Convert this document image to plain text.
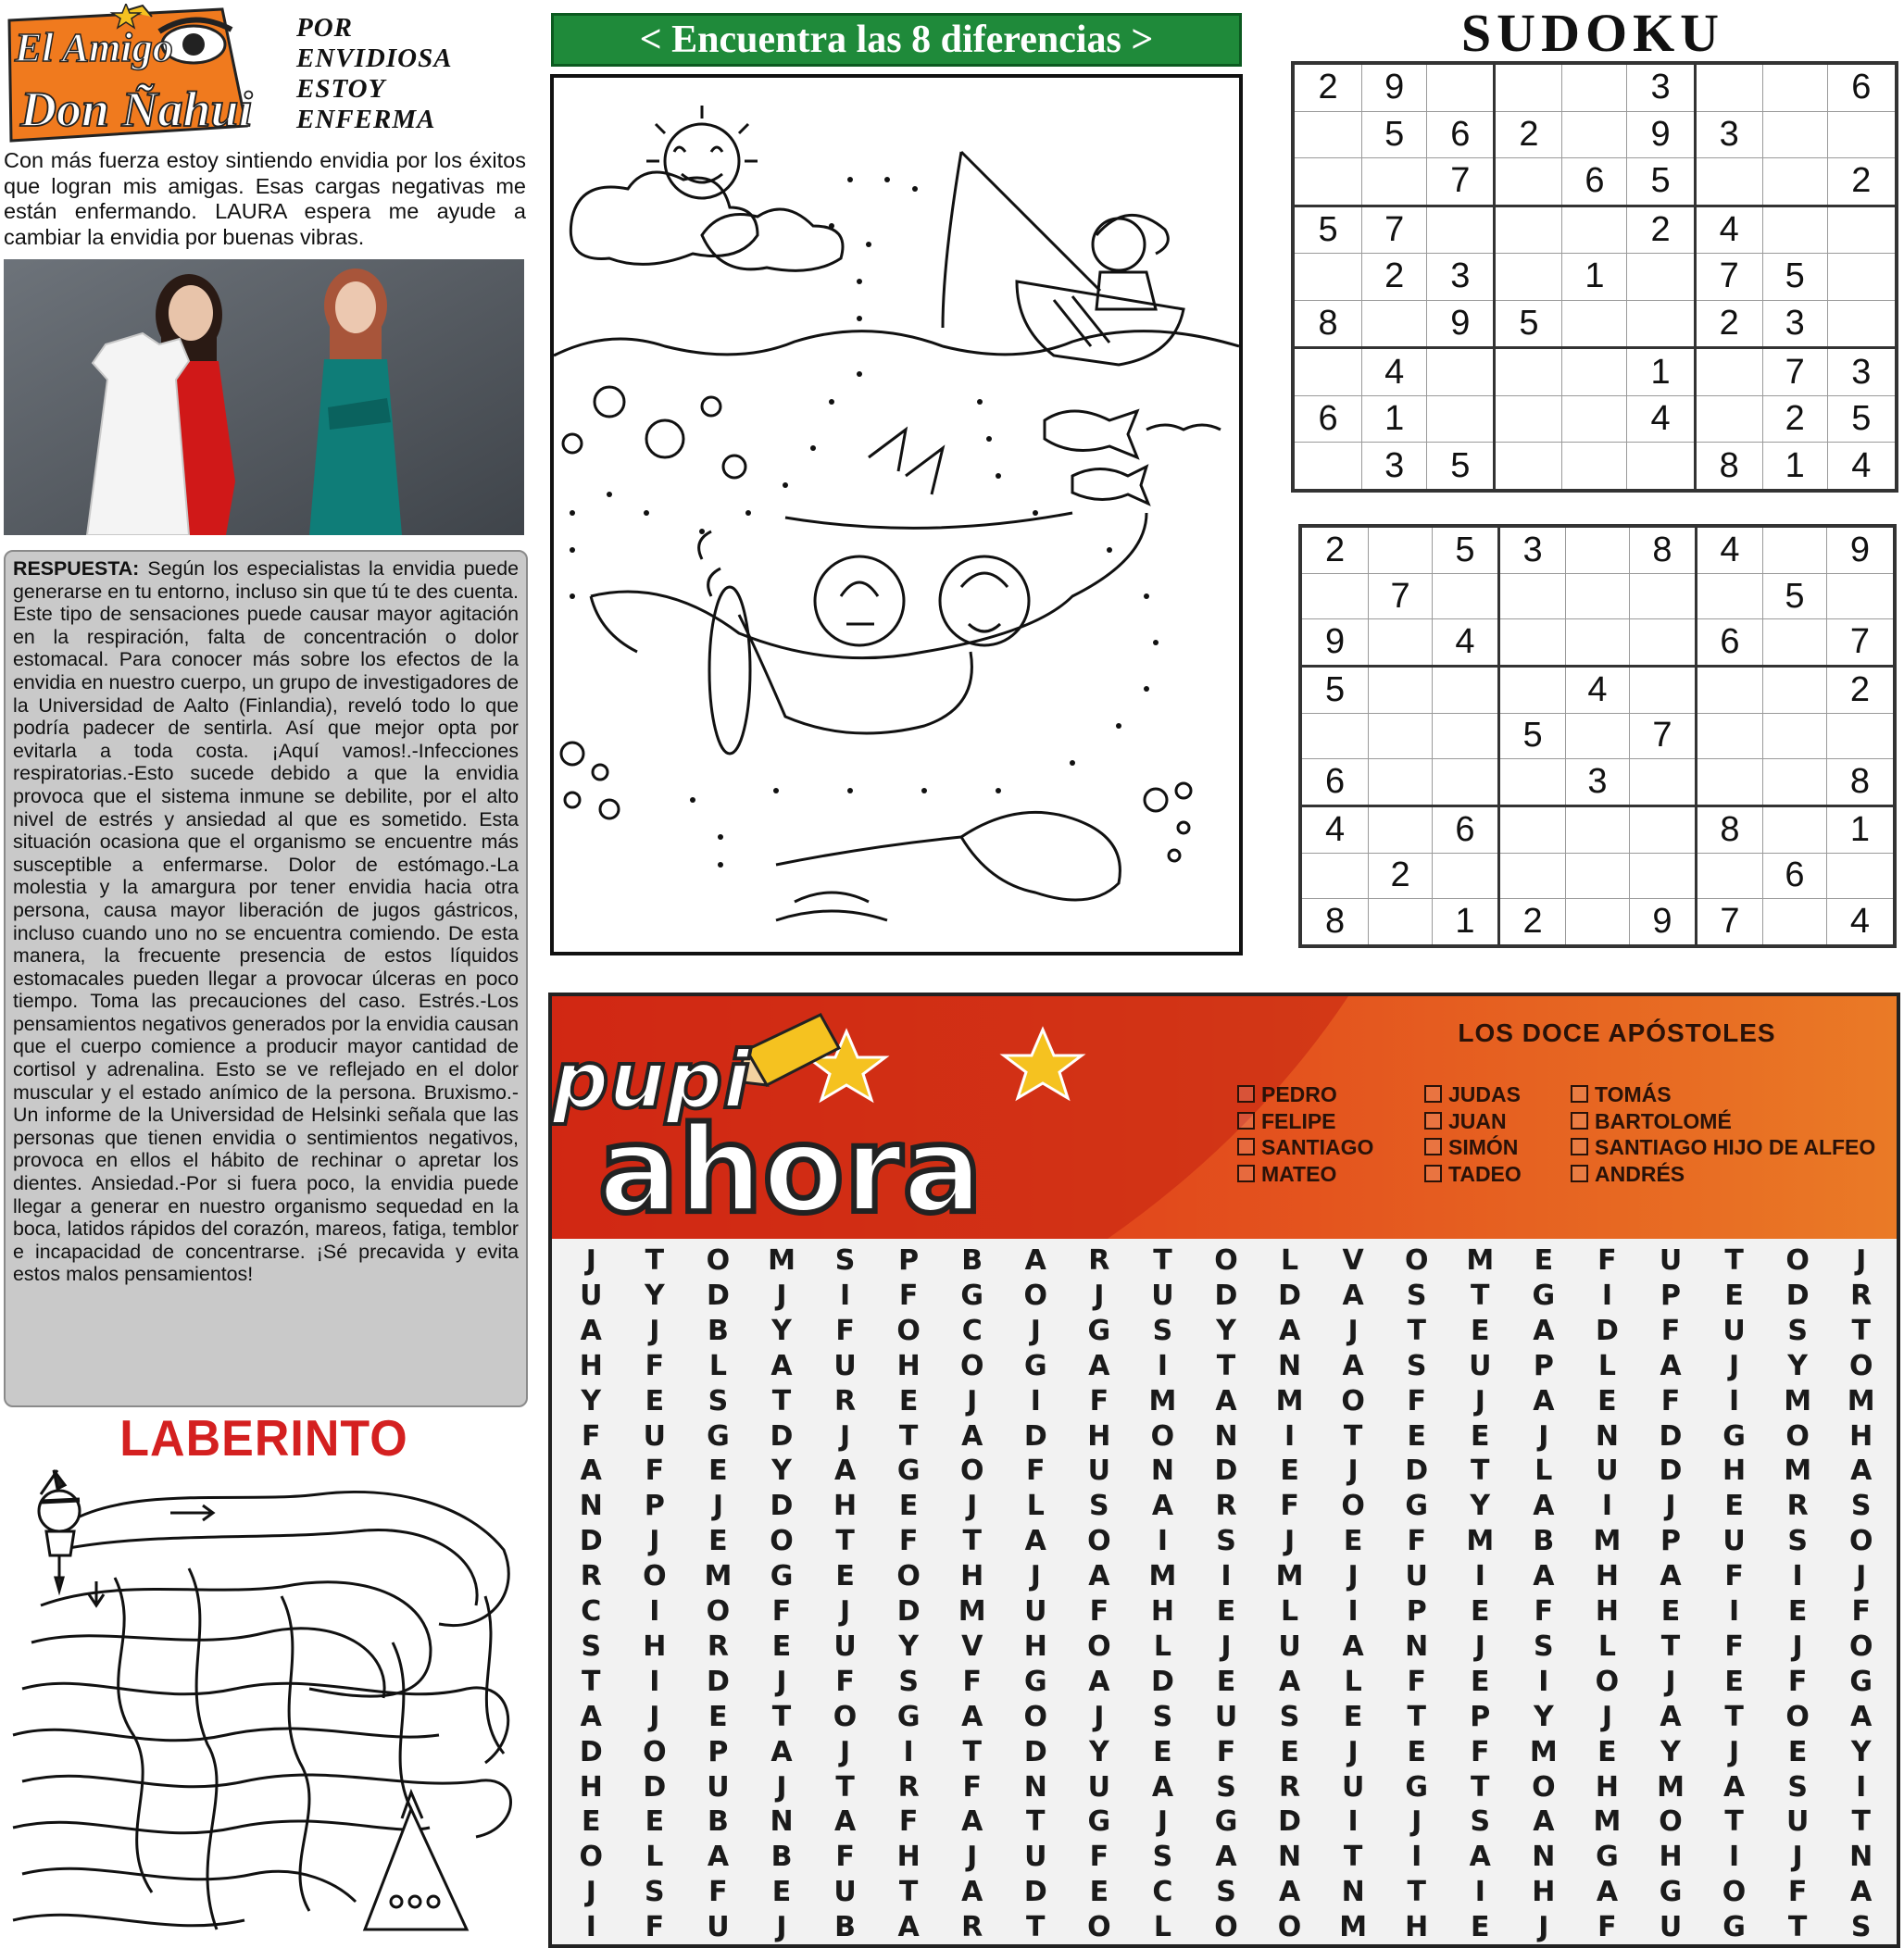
El Amigo
Don Ñahui
POR
ENVIDIOSA
ESTOY
ENFERMA
Con más fuerza estoy sintiendo envidia por los éxitos que logran mis amigas. Esas cargas negativas me están enfermando. LAURA espera me ayude a cambiar la envidia por buenas vibras.
RESPUESTA: Según los especialistas la envidia puede generarse en tu entorno, incluso sin que tú te des cuenta. Este tipo de sensaciones puede causar mayor agitación en la respiración, falta de concentración o dolor estomacal. Para conocer más sobre los efectos de la envidia en nuestro cuerpo, un grupo de investigadores de la Universidad de Aalto (Finlandia), reveló todo lo que podría padecer de sentirla. Así que mejor opta por evitarla a toda costa. ¡Aquí vamos!.-Infecciones respiratorias.-Esto sucede debido a que la envidia provoca que el sistema inmune se debilite, por el alto nivel de estrés y ansiedad al que es sometido. Esta situación ocasiona que el organismo se encuentre más susceptible a enfermarse. Dolor de estómago.-La molestia y la amargura por tener envidia hacia otra persona, causa mayor liberación de jugos gástricos, incluso cuando uno no se encuentra comiendo. De esta manera, la frecuente presencia de estos líquidos estomacales pueden llegar a provocar úlceras en poco tiempo. Toma las precauciones del caso. Estrés.-Los pensamientos negativos generados por la envidia causan que el cuerpo comience a producir mayor cantidad de cortisol y adrenalina. Esto se ve reflejado en el dolor muscular y el estado anímico de la persona. Bruxismo.-Un informe de la Universidad de Helsinki señala que las personas que tienen envidia o sentimientos negativos, provoca en ellos el hábito de rechinar o apretar los dientes. Ansiedad.-Por si fuera poco, la envidia puede llegar a generar en nuestro organismo sequedad en la boca, latidos rápidos del corazón, mareos, fatiga, temblor e incapacidad de concentrarse. ¡Sé precavida y evita estos malos pensamientos!
LABERINTO
< Encuentra las 8 diferencias >	SUDOKU
2	9				3			6
	5	6	2		9	3		
		7		6	5			2
5	7				2	4		
	2	3		1		7	5	
8		9	5			2	3	
	4				1		7	3
6	1				4		2	5
	3	5				8	1	4
2		5	3		8	4		9
	7						5	
9		4				6		7
5				4				2
			5		7			
6				3				8
4		6				8		1
	2						6	
8		1	2		9	7		4
pupi
ahora
LOS DOCE APÓSTOLES
PEDRO
FELIPE
SANTIAGO
MATEO
JUDAS
JUAN
SIMÓN
TADEO
TOMÁS
BARTOLOMÉ
SANTIAGO HIJO DE ALFEO
ANDRÉS
J	T	O	M	S	P	B	A	R	T	O	L	V	O	M	E	F	U	T	O	J
U	Y	D	J	I	F	G	O	J	U	D	D	A	S	T	G	I	P	E	D	R
A	J	B	Y	F	O	C	J	G	S	Y	A	J	T	E	A	D	F	U	S	T
H	F	L	A	U	H	O	G	A	I	T	N	A	S	U	P	L	A	J	Y	O
Y	E	S	T	R	E	J	I	F	M	A	M	O	F	J	A	E	F	I	M	M
F	U	G	D	J	T	A	D	H	O	N	I	T	E	E	J	N	D	G	O	H
A	F	E	Y	A	G	O	F	U	N	D	E	J	D	T	L	U	D	H	M	A
N	P	J	D	H	E	J	L	S	A	R	F	O	G	Y	A	I	J	E	R	S
D	J	E	O	T	F	T	A	O	I	S	J	E	F	M	B	M	P	U	S	O
R	O	M	G	E	O	H	J	A	M	I	M	J	U	I	A	H	A	F	I	J
C	I	O	F	J	D	M	U	F	H	E	L	I	P	E	F	H	E	I	E	F
S	H	R	E	U	Y	V	H	O	L	J	U	A	N	J	S	L	T	F	J	O
T	I	D	J	F	S	F	G	A	D	E	A	L	F	E	I	O	J	E	F	G
A	J	E	T	O	G	A	O	J	S	U	S	E	T	P	Y	J	A	T	O	A
D	O	P	A	J	I	T	D	Y	E	F	E	J	E	F	M	E	Y	J	E	Y
H	D	U	J	T	R	F	N	U	A	S	R	U	G	T	O	H	M	A	S	I
E	E	B	N	A	F	A	T	G	J	G	D	I	J	S	A	M	O	T	U	T
O	L	A	B	F	H	J	U	F	S	A	N	T	I	A	N	G	H	I	J	N
J	S	F	E	U	T	A	D	E	C	S	A	N	T	I	H	A	G	O	F	A
I	F	U	J	B	A	R	T	O	L	O	O	M	H	E	J	F	U	G	T	S
